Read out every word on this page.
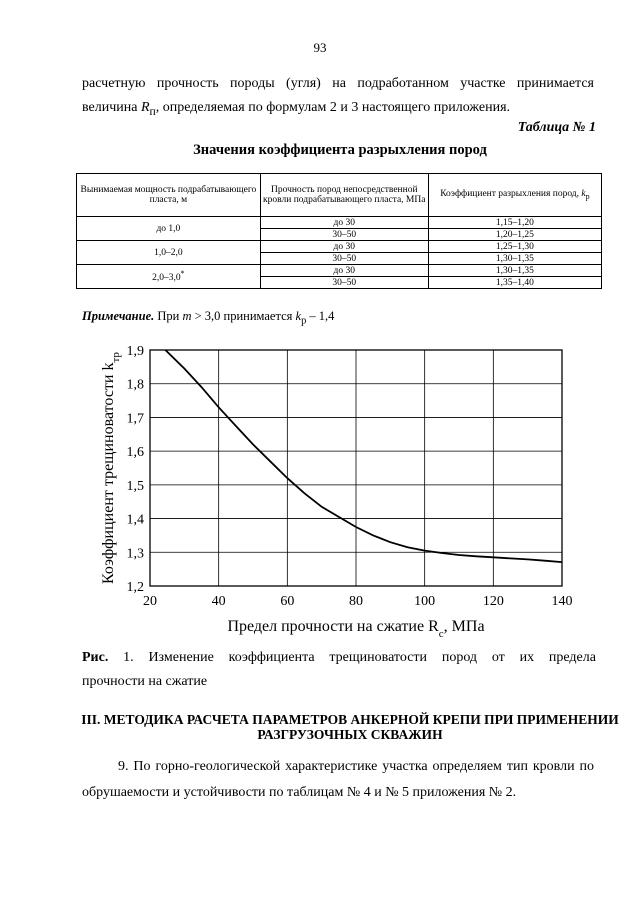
93
расчетную прочность породы (угля) на подработанном участке принимается
величина $R_п$, определяемая по формулам 2 и 3 настоящего приложения.
Таблица № 1
Значения коэффициента разрыхления пород
Вынимаемая мощность подрабатывающего пласта, м	Прочность пород непосредственной кровли подрабатывающего пласта, МПа	Коэффициент разрыхления пород, $k_р$
до 1,0	до 30	1,15–1,20
	30–50	1,20–1,25
1,0–2,0	до 30	1,25–1,30
	30–50	1,30–1,35
2,0–3,0*	до 30	1,30–1,35
	30–50	1,35–1,40
Примечание. При m > 3,0 принимается $k_р - 1,4$
1,2
1,3
1,4
1,5
1,6
1,7
1,8
1,9
20	40	60	80	100	120	140
Предел прочности на сжатие $R_с$, МПа
Коэффициент трещиноватости $k_{тр}$
Рис. 1. Изменение коэффициента трещиноватости пород от их предела
прочности на сжатие
III. МЕТОДИКА РАСЧЕТА ПАРАМЕТРОВ АНКЕРНОЙ КРЕПИ ПРИ ПРИМЕНЕНИИ
РАЗГРУЗОЧНЫХ СКВАЖИН
9. По горно-геологической характеристике участка определяем тип кровли по обрушаемости и устойчивости по таблицам № 4 и № 5 приложения № 2.
